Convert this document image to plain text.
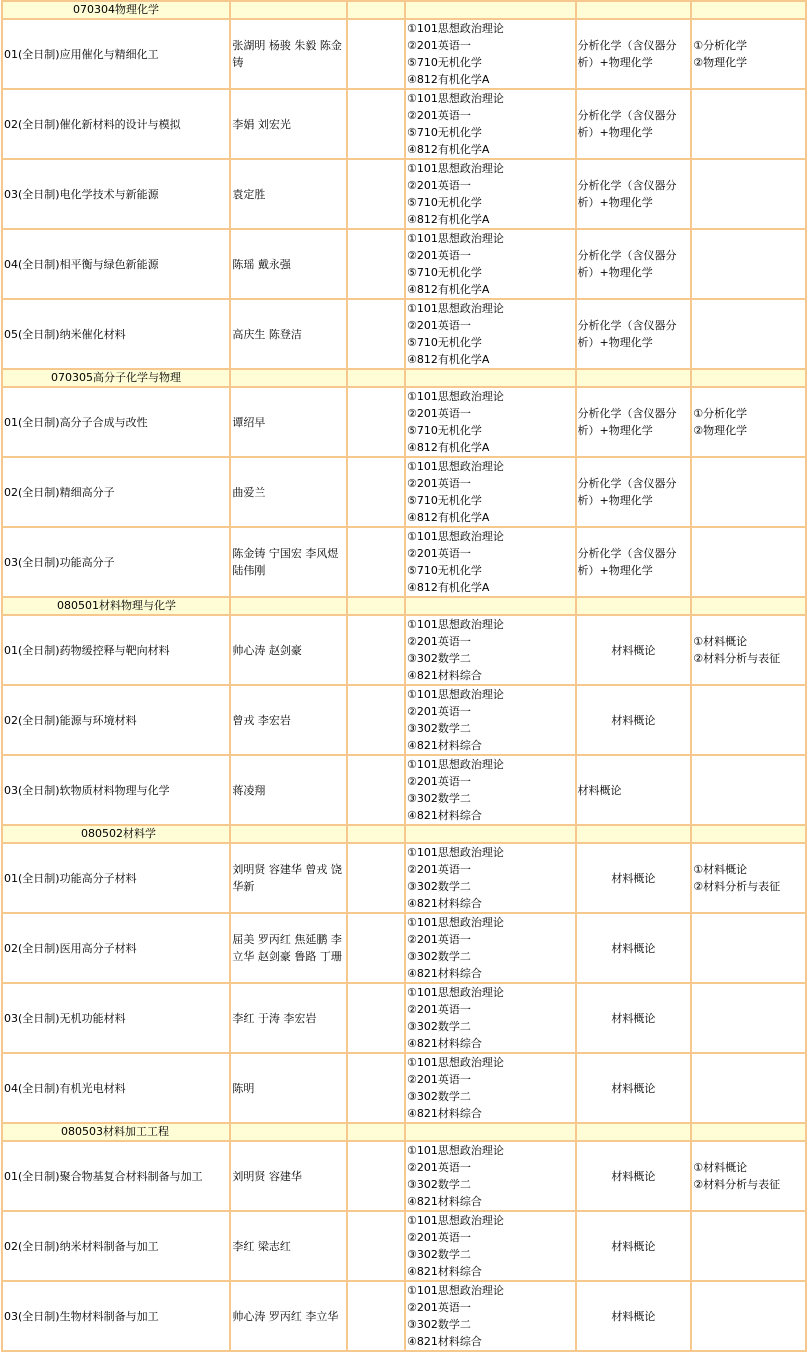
070304物理化学					
01(全日制)应用催化与精细化工	张湖明 杨骏 朱毅 陈金铸		①101思想政治理论
②201英语一
⑤710无机化学
④812有机化学A	分析化学（含仪器分析）+物理化学	①分析化学
②物理化学

02(全日制)催化新材料的设计与模拟	李娟 刘宏光		①101思想政治理论
②201英语一
⑤710无机化学
④812有机化学A	分析化学（含仪器分析）+物理化学	
03(全日制)电化学技术与新能源	袁定胜		①101思想政治理论
②201英语一
⑤710无机化学
④812有机化学A	分析化学（含仪器分析）+物理化学	
04(全日制)相平衡与绿色新能源	陈瑶 戴永强		①101思想政治理论
②201英语一
⑤710无机化学
④812有机化学A	分析化学（含仪器分析）+物理化学	
05(全日制)纳米催化材料	高庆生 陈登洁		①101思想政治理论
②201英语一
⑤710无机化学
④812有机化学A	分析化学（含仪器分析）+物理化学	
070305高分子化学与物理					
01(全日制)高分子合成与改性	谭绍早		①101思想政治理论
②201英语一
⑤710无机化学
④812有机化学A	分析化学（含仪器分析）+物理化学	①分析化学
②物理化学

02(全日制)精细高分子	曲爱兰		①101思想政治理论
②201英语一
⑤710无机化学
④812有机化学A	分析化学（含仪器分析）+物理化学	
03(全日制)功能高分子	陈金铸 宁国宏 李风煜 陆伟刚		①101思想政治理论
②201英语一
⑤710无机化学
④812有机化学A	分析化学（含仪器分析）+物理化学	
080501材料物理与化学					
01(全日制)药物缓控释与靶向材料	帅心涛 赵剑豪		①101思想政治理论
②201英语一
③302数学二
④821材料综合	材料概论	①材料概论
②材料分析与表征

02(全日制)能源与环境材料	曾戎 李宏岩		①101思想政治理论
②201英语一
③302数学二
④821材料综合	材料概论	
03(全日制)软物质材料物理与化学	蒋凌翔		①101思想政治理论
②201英语一
③302数学二
④821材料综合	材料概论	
080502材料学					
01(全日制)功能高分子材料	刘明贤 容建华 曾戎 饶华新		①101思想政治理论
②201英语一
③302数学二
④821材料综合	材料概论	①材料概论
②材料分析与表征

02(全日制)医用高分子材料	屈美 罗丙红 焦延鹏 李立华 赵剑豪 鲁路 丁珊		①101思想政治理论
②201英语一
③302数学二
④821材料综合	材料概论	
03(全日制)无机功能材料	李红 于涛 李宏岩		①101思想政治理论
②201英语一
③302数学二
④821材料综合	材料概论	
04(全日制)有机光电材料	陈明		①101思想政治理论
②201英语一
③302数学二
④821材料综合	材料概论	
080503材料加工工程					
01(全日制)聚合物基复合材料制备与加工	刘明贤 容建华		①101思想政治理论
②201英语一
③302数学二
④821材料综合	材料概论	①材料概论
②材料分析与表征

02(全日制)纳米材料制备与加工	李红 梁志红		①101思想政治理论
②201英语一
③302数学二
④821材料综合	材料概论	
03(全日制)生物材料制备与加工	帅心涛 罗丙红 李立华		①101思想政治理论
②201英语一
③302数学二
④821材料综合	材料概论	
